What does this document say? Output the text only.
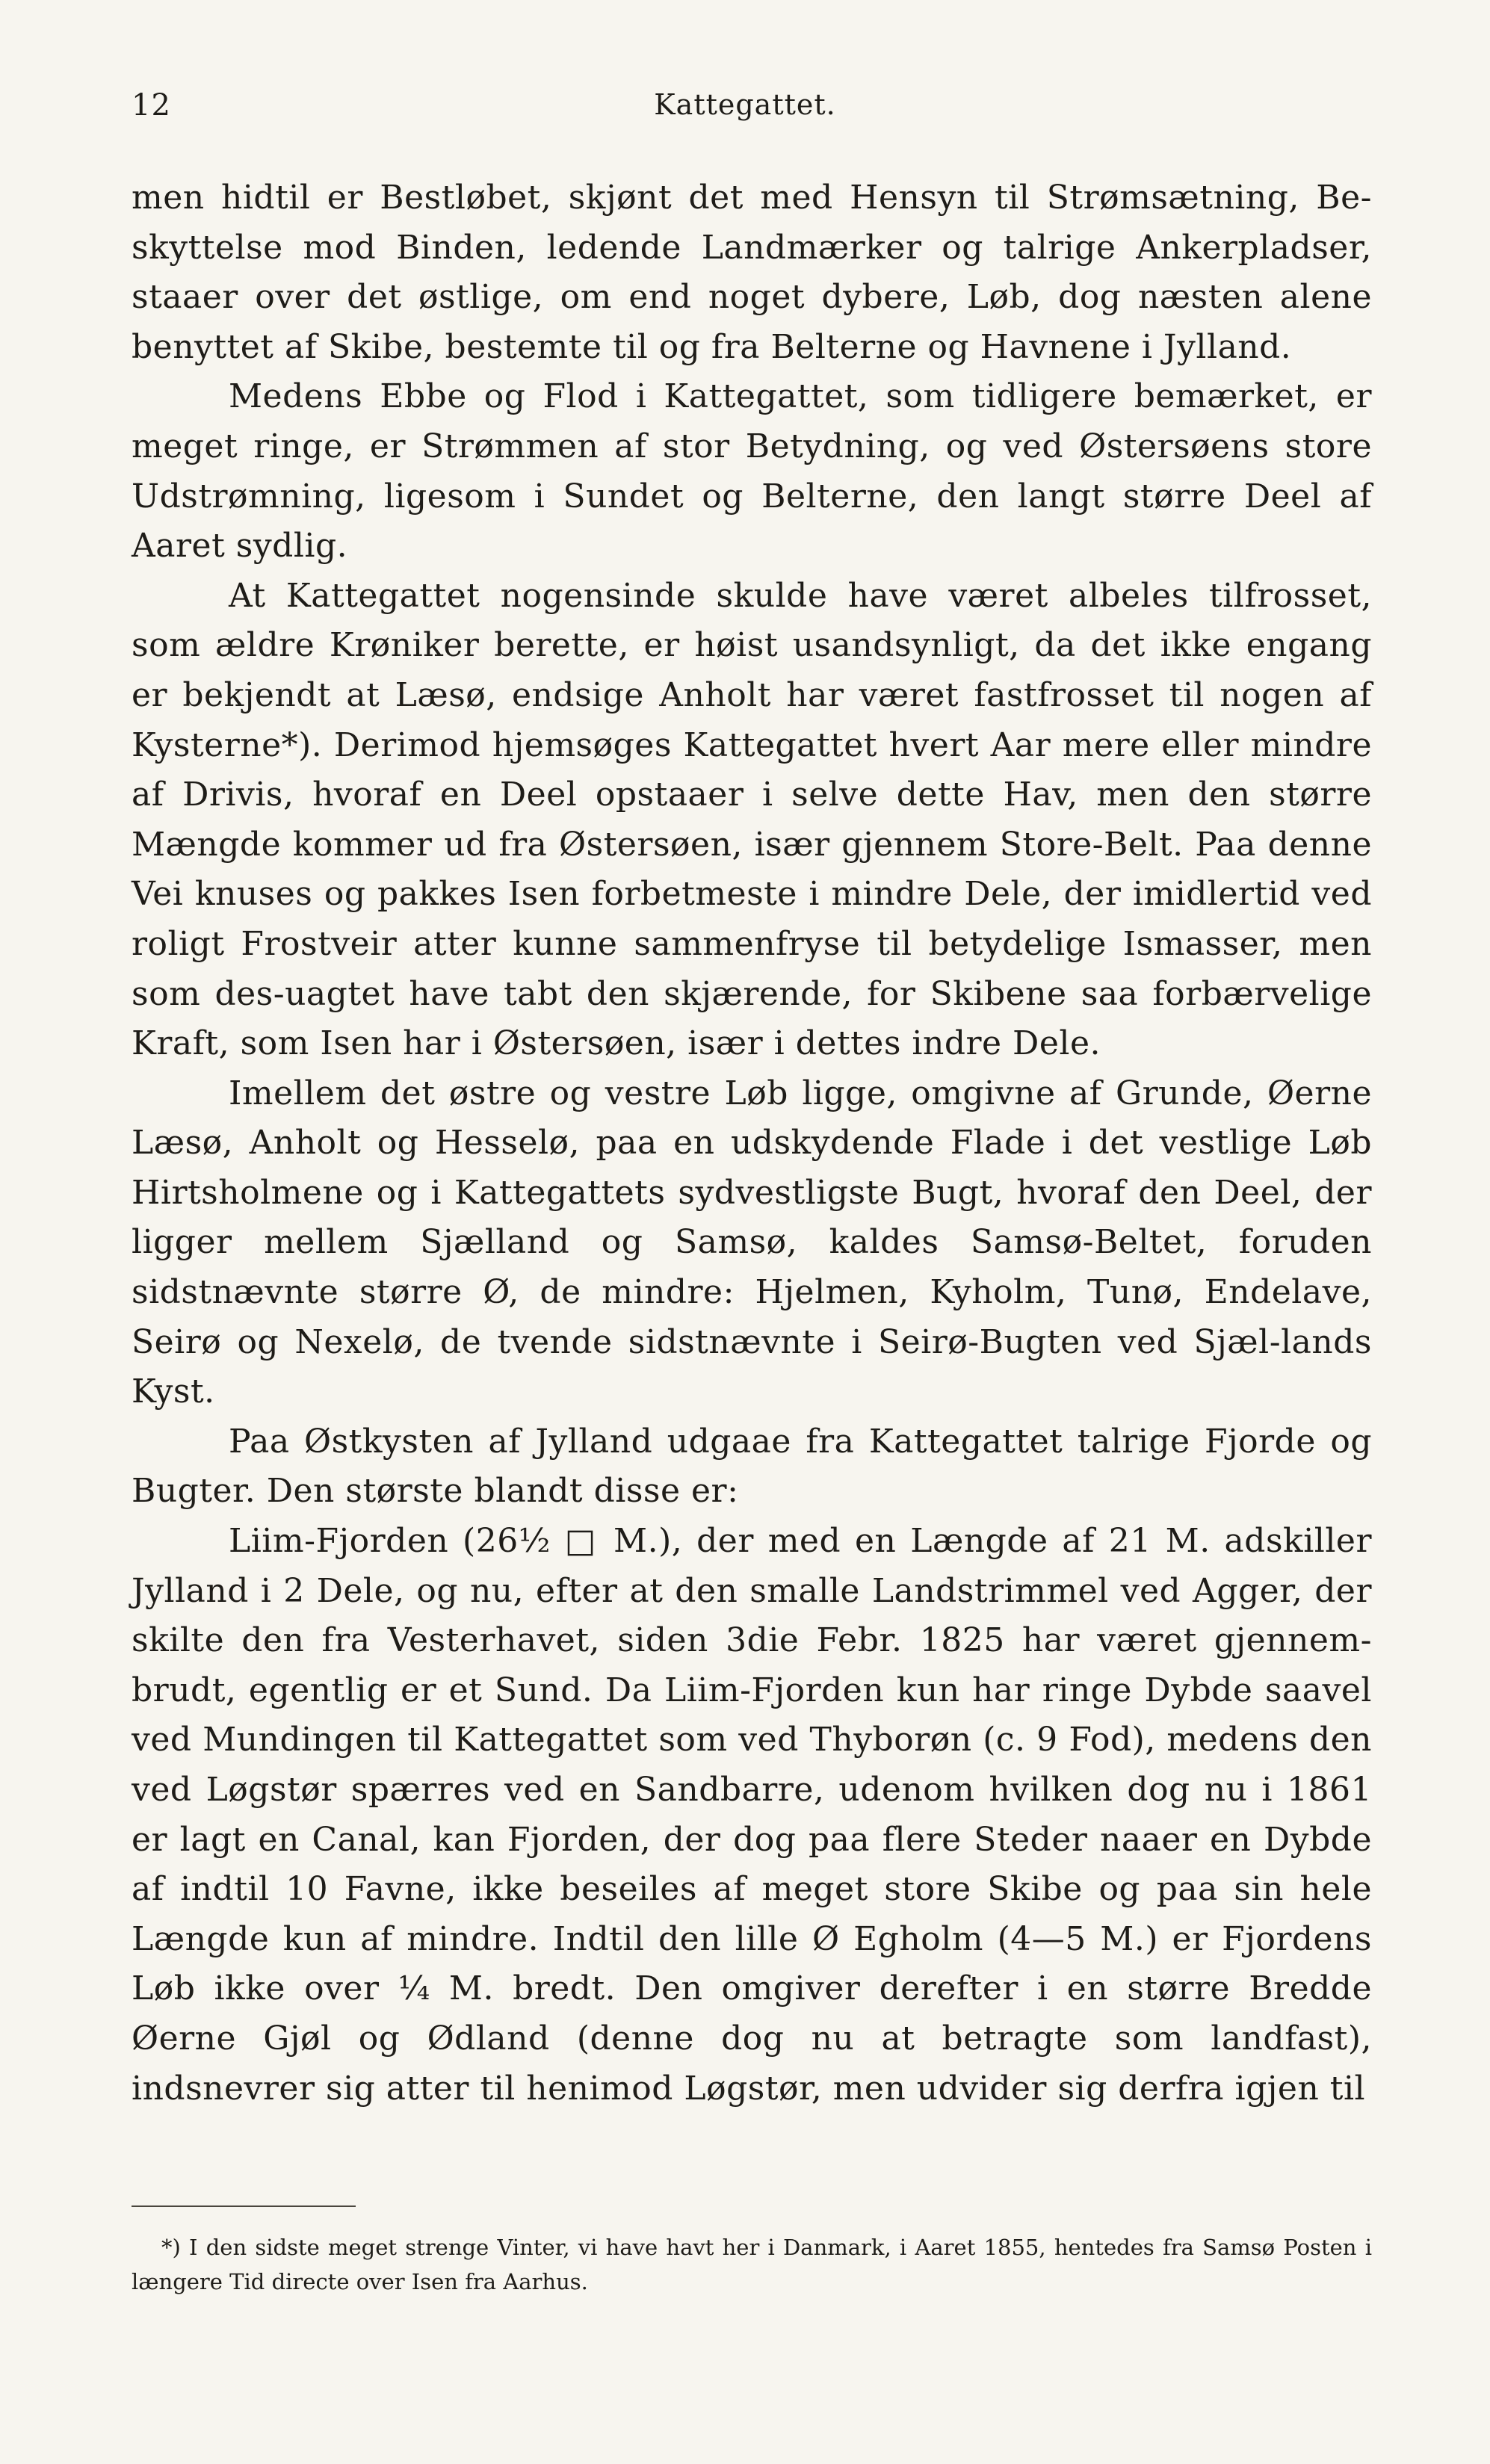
12	Kattegattet.

men hidtil er Bestløbet, skjønt det med Hensyn til Strømsætning, Be-skyttelse mod Binden, ledende Landmærker og talrige Ankerpladser, staaer over det østlige, om end noget dybere, Løb, dog næsten alene benyttet af Skibe, bestemte til og fra Belterne og Havnene i Jylland.

Medens Ebbe og Flod i Kattegattet, som tidligere bemærket, er meget ringe, er Strømmen af stor Betydning, og ved Østersøens store Udstrømning, ligesom i Sundet og Belterne, den langt større Deel af Aaret sydlig.

At Kattegattet nogensinde skulde have været albeles tilfrosset, som ældre Krøniker berette, er høist usandsynligt, da det ikke engang er bekjendt at Læsø, endsige Anholt har været fastfrosset til nogen af Kysterne*). Derimod hjemsøges Kattegattet hvert Aar mere eller mindre af Drivis, hvoraf en Deel opstaaer i selve dette Hav, men den større Mængde kommer ud fra Østersøen, især gjennem Store-Belt. Paa denne Vei knuses og pakkes Isen forbetmeste i mindre Dele, der imidlertid ved roligt Frostveir atter kunne sammenfryse til betydelige Ismasser, men som des-uagtet have tabt den skjærende, for Skibene saa forbærvelige Kraft, som Isen har i Østersøen, især i dettes indre Dele.

Imellem det østre og vestre Løb ligge, omgivne af Grunde, Øerne Læsø, Anholt og Hesselø, paa en udskydende Flade i det vestlige Løb Hirtsholmene og i Kattegattets sydvestligste Bugt, hvoraf den Deel, der ligger mellem Sjælland og Samsø, kaldes Samsø-Beltet, foruden sidstnævnte større Ø, de mindre: Hjelmen, Kyholm, Tunø, Endelave, Seirø og Nexelø, de tvende sidstnævnte i Seirø-Bugten ved Sjæl-lands Kyst.

Paa Østkysten af Jylland udgaae fra Kattegattet talrige Fjorde og Bugter. Den største blandt disse er:

Liim-Fjorden (26½ □ M.), der med en Længde af 21 M. adskiller Jylland i 2 Dele, og nu, efter at den smalle Landstrimmel ved Agger, der skilte den fra Vesterhavet, siden 3die Febr. 1825 har været gjennem-brudt, egentlig er et Sund. Da Liim-Fjorden kun har ringe Dybde saavel ved Mundingen til Kattegattet som ved Thyborøn (c. 9 Fod), medens den ved Løgstør spærres ved en Sandbarre, udenom hvilken dog nu i 1861 er lagt en Canal, kan Fjorden, der dog paa flere Steder naaer en Dybde af indtil 10 Favne, ikke beseiles af meget store Skibe og paa sin hele Længde kun af mindre. Indtil den lille Ø Egholm (4—5 M.) er Fjordens Løb ikke over ¼ M. bredt. Den omgiver derefter i en større Bredde Øerne Gjøl og Ødland (denne dog nu at betragte som landfast), indsnevrer sig atter til henimod Løgstør, men udvider sig derfra igjen til

*) I den sidste meget strenge Vinter, vi have havt her i Danmark, i Aaret 1855, hentedes fra Samsø Posten i længere Tid directe over Isen fra Aarhus.
